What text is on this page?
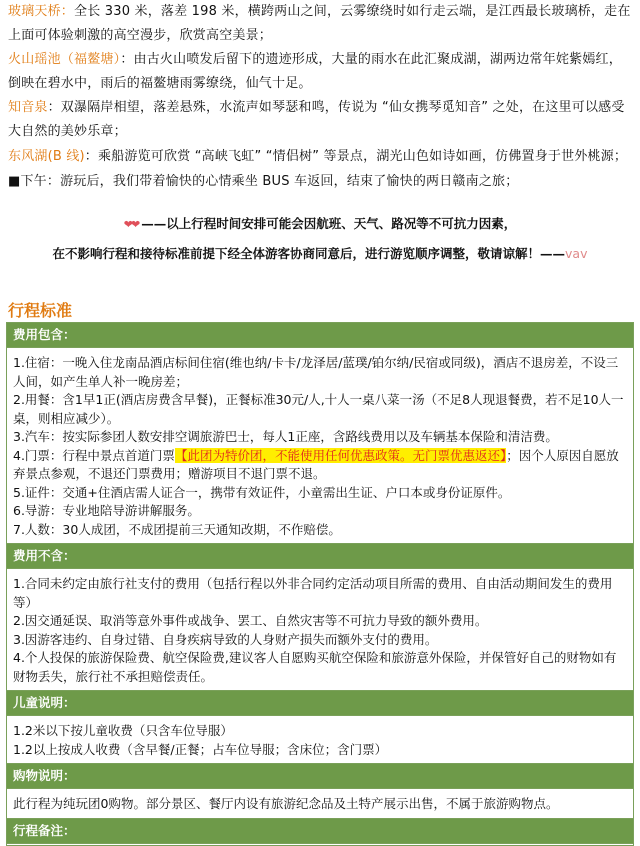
玻璃天桥：全长 330 米，落差 198 米，横跨两山之间，云雾缭绕时如行走云端，是江西最长玻璃桥，走在上面可体验刺激的高空漫步，欣赏高空美景；
火山瑶池（福鳌塘）：由古火山喷发后留下的遗迹形成，大量的雨水在此汇聚成湖，湖两边常年姹紫嫣红，倒映在碧水中，雨后的福鳌塘雨雾缭绕，仙气十足。
知音泉：双瀑隔岸相望，落差悬殊，水流声如琴瑟和鸣，传说为 “仙女携琴觅知音” 之处，在这里可以感受大自然的美妙乐章；
东风湖(B 线)：乘船游览可欣赏 “高峡飞虹” “情侣树” 等景点，湖光山色如诗如画，仿佛置身于世外桃源；
■下午：游玩后，我们带着愉快的心情乘坐 BUS 车返回，结束了愉快的两日赣南之旅；
❤❤ ——以上行程时间安排可能会因航班、天气、路况等不可抗力因素，
在不影响行程和接待标准前提下经全体游客协商同意后，进行游览顺序调整，敬请谅解！——vav
行程标准
费用包含：
1.住宿：一晚入住龙南品酒店标间住宿(维也纳/卡卡/龙泽居/蓝璞/铂尔纳/民宿或同级)，酒店不退房差，不设三人间，如产生单人补一晚房差；
2.用餐：含1早1正(酒店房费含早餐)，正餐标准30元/人,十人一桌八菜一汤（不足8人现退餐费，若不足10人一桌，则相应减少）。
3.汽车：按实际参团人数安排空调旅游巴士，每人1正座，含路线费用以及车辆基本保险和清洁费。
4.门票：行程中景点首道门票【此团为特价团，不能使用任何优惠政策。无门票优惠返还】；因个人原因自愿放弃景点参观，不退还门票费用；赠游项目不退门票不退。
5.证件：交通+住酒店需人证合一，携带有效证件，小童需出生证、户口本或身份证原件。
6.导游：专业地陪导游讲解服务。
7.人数：30人成团，不成团提前三天通知改期，不作赔偿。
费用不含：
1.合同未约定由旅行社支付的费用（包括行程以外非合同约定活动项目所需的费用、自由活动期间发生的费用等）
2.因交通延误、取消等意外事件或战争、罢工、自然灾害等不可抗力导致的额外费用。
3.因游客违约、自身过错、自身疾病导致的人身财产损失而额外支付的费用。
4.个人投保的旅游保险费、航空保险费,建议客人自愿购买航空保险和旅游意外保险，并保管好自己的财物如有财物丢失，旅行社不承担赔偿责任。
儿童说明：
1.2米以下按儿童收费（只含车位导服）
1.2以上按成人收费（含早餐/正餐；占车位导服；含床位；含门票）
购物说明：
此行程为纯玩团0购物。部分景区、餐厅内设有旅游纪念品及土特产展示出售，不属于旅游购物点。
行程备注：
